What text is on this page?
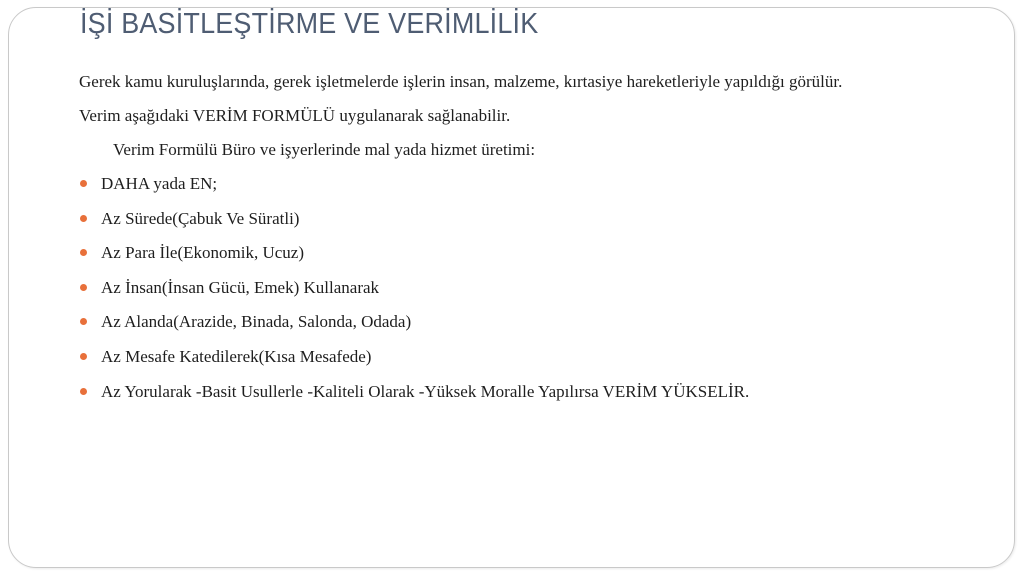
İŞİ BASİTLEŞTİRME VE VERİMLİLİK

Gerek kamu kuruluşlarında, gerek işletmelerde işlerin insan, malzeme, kırtasiye hareketleriyle yapıldığı görülür.

Verim aşağıdaki VERİM FORMÜLÜ uygulanarak sağlanabilir.

Verim Formülü Büro ve işyerlerinde mal yada hizmet üretimi:

DAHA yada EN;
Az Sürede(Çabuk Ve Süratli)
Az Para İle(Ekonomik, Ucuz)
Az İnsan(İnsan Gücü, Emek) Kullanarak
Az Alanda(Arazide, Binada, Salonda, Odada)
Az Mesafe Katedilerek(Kısa Mesafede)
Az Yorularak -Basit Usullerle -Kaliteli Olarak -Yüksek Moralle Yapılırsa VERİM YÜKSELİR.
